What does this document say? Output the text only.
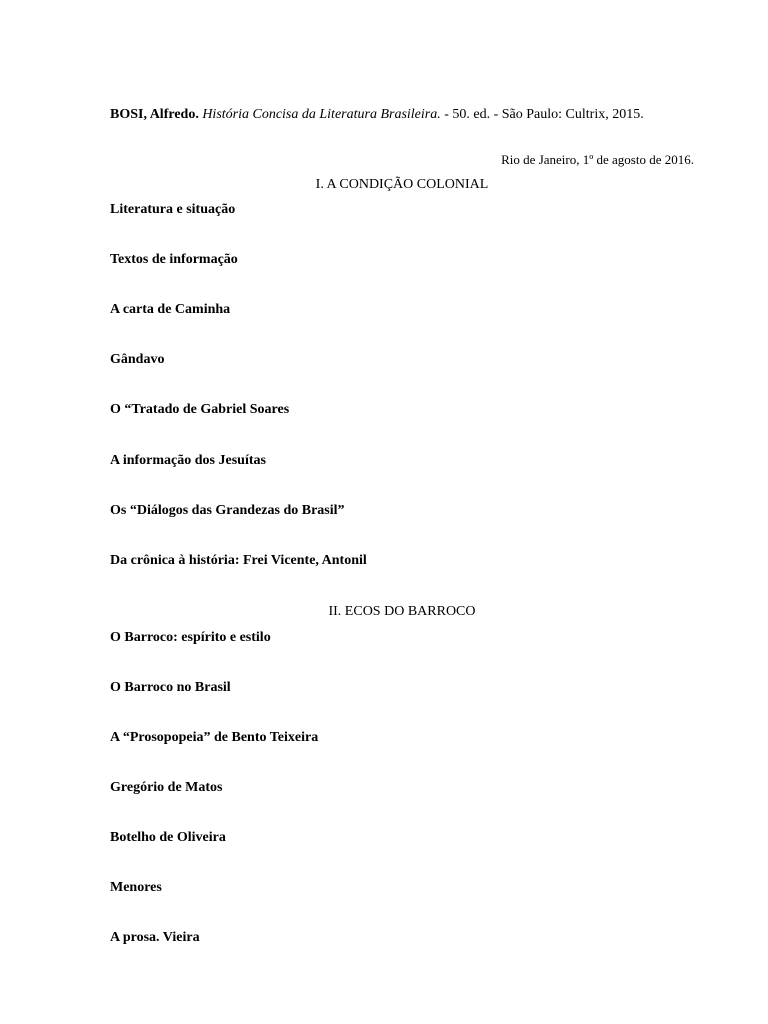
BOSI, Alfredo. História Concisa da Literatura Brasileira. - 50. ed. - São Paulo: Cultrix, 2015.

Rio de Janeiro, 1º de agosto de 2016.
I. A CONDIÇÃO COLONIAL
Literatura e situação
Textos de informação
A carta de Caminha
Gândavo
O “Tratado de Gabriel Soares
A informação dos Jesuítas
Os “Diálogos das Grandezas do Brasil”
Da crônica à história: Frei Vicente, Antonil
II. ECOS DO BARROCO
O Barroco: espírito e estilo
O Barroco no Brasil
A “Prosopopeia” de Bento Teixeira
Gregório de Matos
Botelho de Oliveira
Menores
A prosa. Vieira
